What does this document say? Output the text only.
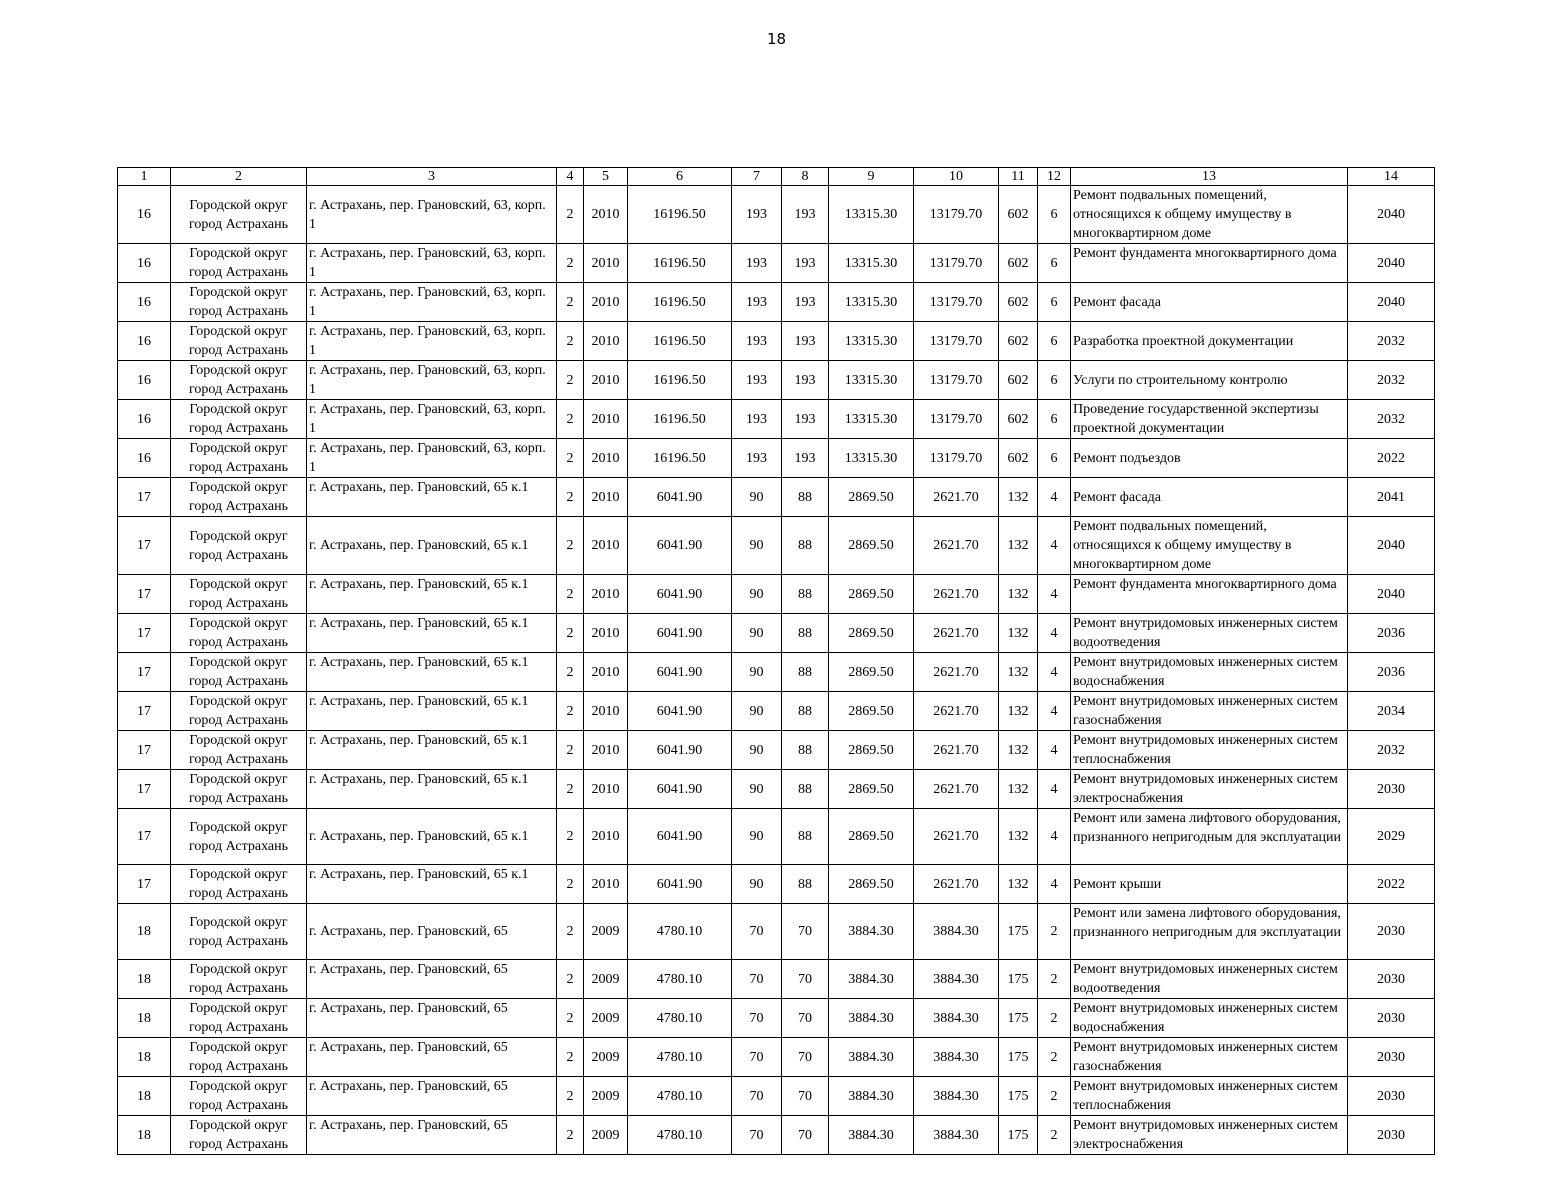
18
1	2	3	4	5	6	7	8	9	10	11	12	13	14
16	Городской округ город Астрахань	г. Астрахань, пер. Грановский, 63, корп. 1	2	2010	16196.50	193	193	13315.30	13179.70	602	6	Ремонт подвальных помещений, относящихся к общему имуществу в многоквартирном доме	2040
16	Городской округ город Астрахань	г. Астрахань, пер. Грановский, 63, корп. 1	2	2010	16196.50	193	193	13315.30	13179.70	602	6	Ремонт фундамента многоквартирного дома	2040
16	Городской округ город Астрахань	г. Астрахань, пер. Грановский, 63, корп. 1	2	2010	16196.50	193	193	13315.30	13179.70	602	6	Ремонт фасада	2040
16	Городской округ город Астрахань	г. Астрахань, пер. Грановский, 63, корп. 1	2	2010	16196.50	193	193	13315.30	13179.70	602	6	Разработка проектной документации	2032
16	Городской округ город Астрахань	г. Астрахань, пер. Грановский, 63, корп. 1	2	2010	16196.50	193	193	13315.30	13179.70	602	6	Услуги по строительному контролю	2032
16	Городской округ город Астрахань	г. Астрахань, пер. Грановский, 63, корп. 1	2	2010	16196.50	193	193	13315.30	13179.70	602	6	Проведение государственной экспертизы проектной документации	2032
16	Городской округ город Астрахань	г. Астрахань, пер. Грановский, 63, корп. 1	2	2010	16196.50	193	193	13315.30	13179.70	602	6	Ремонт подъездов	2022
17	Городской округ город Астрахань	г. Астрахань, пер. Грановский, 65 к.1	2	2010	6041.90	90	88	2869.50	2621.70	132	4	Ремонт фасада	2041
17	Городской округ город Астрахань	г. Астрахань, пер. Грановский, 65 к.1	2	2010	6041.90	90	88	2869.50	2621.70	132	4	Ремонт подвальных помещений, относящихся к общему имуществу в многоквартирном доме	2040
17	Городской округ город Астрахань	г. Астрахань, пер. Грановский, 65 к.1	2	2010	6041.90	90	88	2869.50	2621.70	132	4	Ремонт фундамента многоквартирного дома	2040
17	Городской округ город Астрахань	г. Астрахань, пер. Грановский, 65 к.1	2	2010	6041.90	90	88	2869.50	2621.70	132	4	Ремонт внутридомовых инженерных систем водоотведения	2036
17	Городской округ город Астрахань	г. Астрахань, пер. Грановский, 65 к.1	2	2010	6041.90	90	88	2869.50	2621.70	132	4	Ремонт внутридомовых инженерных систем водоснабжения	2036
17	Городской округ город Астрахань	г. Астрахань, пер. Грановский, 65 к.1	2	2010	6041.90	90	88	2869.50	2621.70	132	4	Ремонт внутридомовых инженерных систем газоснабжения	2034
17	Городской округ город Астрахань	г. Астрахань, пер. Грановский, 65 к.1	2	2010	6041.90	90	88	2869.50	2621.70	132	4	Ремонт внутридомовых инженерных систем теплоснабжения	2032
17	Городской округ город Астрахань	г. Астрахань, пер. Грановский, 65 к.1	2	2010	6041.90	90	88	2869.50	2621.70	132	4	Ремонт внутридомовых инженерных систем электроснабжения	2030
17	Городской округ город Астрахань	г. Астрахань, пер. Грановский, 65 к.1	2	2010	6041.90	90	88	2869.50	2621.70	132	4	Ремонт или замена лифтового оборудования, признанного непригодным для эксплуатации	2029
17	Городской округ город Астрахань	г. Астрахань, пер. Грановский, 65 к.1	2	2010	6041.90	90	88	2869.50	2621.70	132	4	Ремонт крыши	2022
18	Городской округ город Астрахань	г. Астрахань, пер. Грановский, 65	2	2009	4780.10	70	70	3884.30	3884.30	175	2	Ремонт или замена лифтового оборудования, признанного непригодным для эксплуатации	2030
18	Городской округ город Астрахань	г. Астрахань, пер. Грановский, 65	2	2009	4780.10	70	70	3884.30	3884.30	175	2	Ремонт внутридомовых инженерных систем водоотведения	2030
18	Городской округ город Астрахань	г. Астрахань, пер. Грановский, 65	2	2009	4780.10	70	70	3884.30	3884.30	175	2	Ремонт внутридомовых инженерных систем водоснабжения	2030
18	Городской округ город Астрахань	г. Астрахань, пер. Грановский, 65	2	2009	4780.10	70	70	3884.30	3884.30	175	2	Ремонт внутридомовых инженерных систем газоснабжения	2030
18	Городской округ город Астрахань	г. Астрахань, пер. Грановский, 65	2	2009	4780.10	70	70	3884.30	3884.30	175	2	Ремонт внутридомовых инженерных систем теплоснабжения	2030
18	Городской округ город Астрахань	г. Астрахань, пер. Грановский, 65	2	2009	4780.10	70	70	3884.30	3884.30	175	2	Ремонт внутридомовых инженерных систем электроснабжения	2030
